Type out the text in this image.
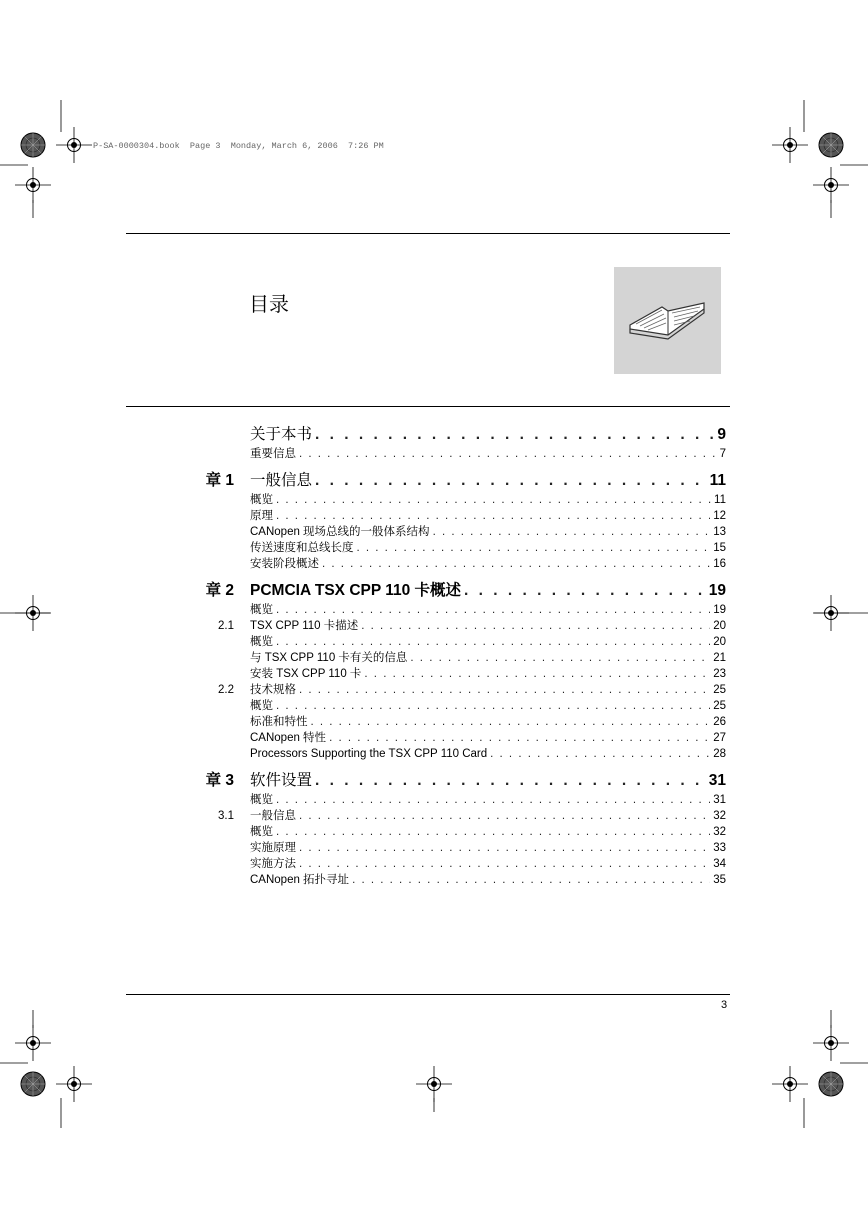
P-SA-0000304.book  Page 3  Monday, March 6, 2006  7:26 PM
目录
关于本书 . . .	9
重要信息 . . .	7
章 1 一般信息 . . .	11
概览 . . .	11
原理 . . .	12
CANopen 现场总线的一般体系结构 . . .	13
传送速度和总线长度 . . .	15
安装阶段概述 . . .	16
章 2 PCMCIA TSX CPP 110 卡概述 . . .	19
概览 . . .	19
2.1 TSX CPP 110 卡描述 . . .	20
概览 . . .	20
与 TSX CPP 110 卡有关的信息 . . .	21
安装 TSX CPP 110 卡 . . .	23
2.2 技术规格 . . .	25
概览 . . .	25
标准和特性 . . .	26
CANopen 特性 . . .	27
Processors Supporting the TSX CPP 110 Card . . .	28
章 3 软件设置 . . .	31
概览 . . .	31
3.1 一般信息 . . .	32
概览 . . .	32
实施原理 . . .	33
实施方法 . . .	34
CANopen 拓扑寻址 . . .	35
3
